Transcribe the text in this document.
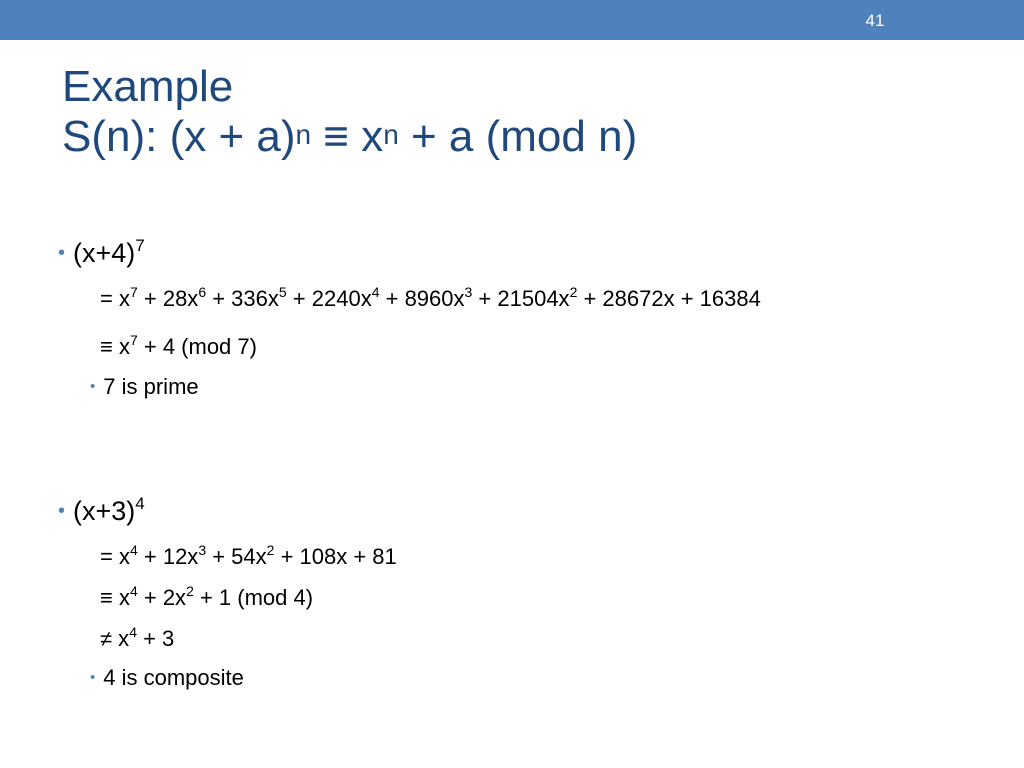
41
Example
S(n): $(x + a)^n \equiv x^n + a$ (mod n)
• $(x+4)^7$
= $x^7 + 28x^6 + 336x^5 + 2240x^4 + 8960x^3 + 21504x^2 + 28672x + 16384$
≡ $x^7 + 4$ (mod 7)
• 7 is prime
• $(x+3)^4$
= $x^4 + 12x^3 + 54x^2 + 108x + 81$
≡ $x^4 + 2x^2 + 1$ (mod 4)
≠ $x^4 + 3$
• 4 is composite
